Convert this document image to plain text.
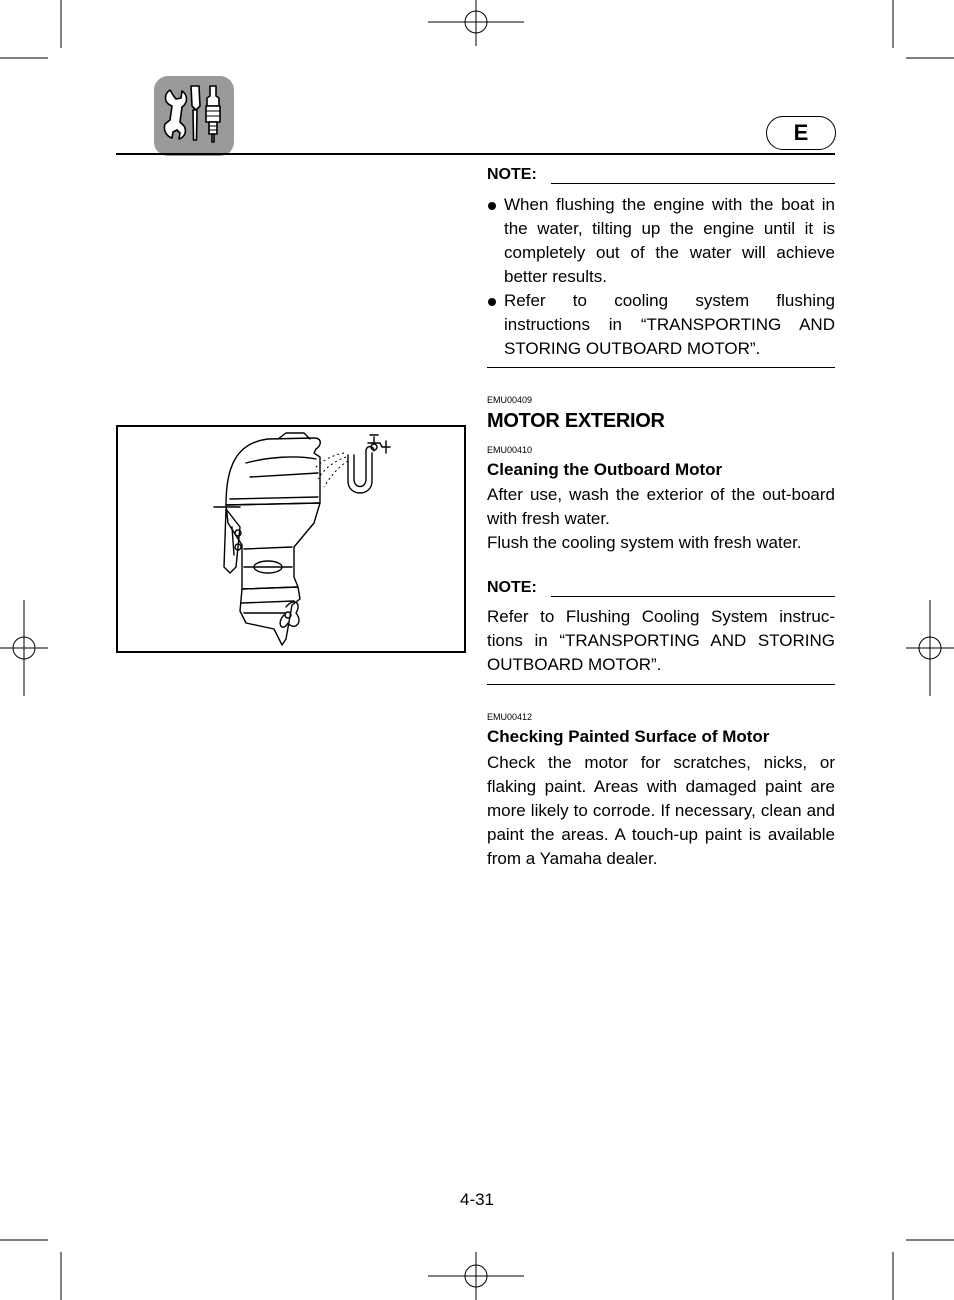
E
NOTE:
When flushing the engine with the boat in the water, tilting up the engine until it is completely out of the water will achieve better results.
Refer to cooling system flushing instructions in “TRANSPORTING AND STORING OUTBOARD MOTOR”.
EMU00409
MOTOR EXTERIOR
EMU00410
Cleaning the Outboard Motor

After use, wash the exterior of the out-board with fresh water.

Flush the cooling system with fresh water.

NOTE:

Refer to Flushing Cooling System instruc-tions in “TRANSPORTING AND STORING OUTBOARD MOTOR”.

EMU00412
Checking Painted Surface of Motor

Check the motor for scratches, nicks, or flaking paint. Areas with damaged paint are more likely to corrode. If necessary, clean and paint the areas. A touch-up paint is available from a Yamaha dealer.

4-31
